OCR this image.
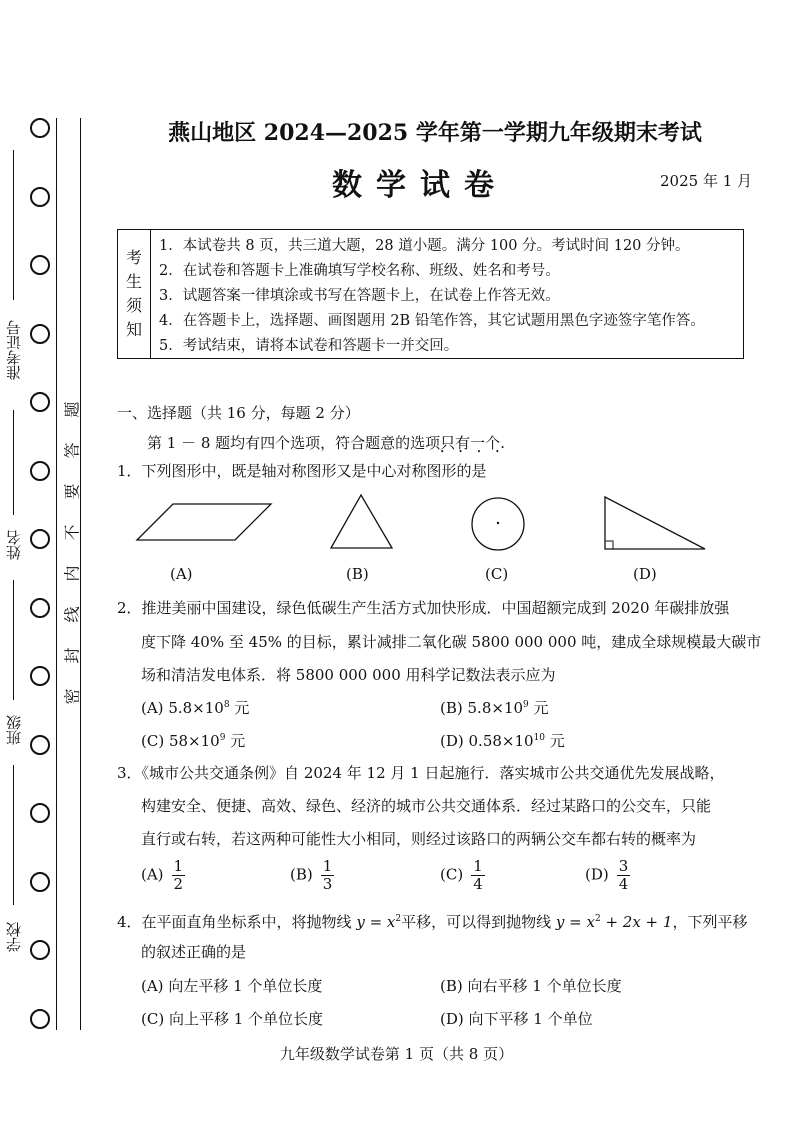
准考证号
姓名
班级
学校
密
封
线
内
不
要
答
题
燕山地区 2024—2025 学年第一学期九年级期末考试
数学试卷	2025 年 1 月
考
生
须
知
1．本试卷共 8 页，共三道大题，28 道小题。满分 100 分。考试时间 120 分钟。
2．在试卷和答题卡上准确填写学校名称、班级、姓名和考号。
3．试题答案一律填涂或书写在答题卡上，在试卷上作答无效。
4．在答题卡上，选择题、画图题用 2B 铅笔作答，其它试题用黑色字迹签字笔作答。
5．考试结束，请将本试卷和答题卡一并交回。
一、选择题（共 16 分，每题 2 分）
第 1 － 8 题均有四个选项，符合题意的选项只有一个 • • • •.
1．下列图形中，既是轴对称图形又是中心对称图形的是
(A)	(B)	(C)	(D)
2．推进美丽中国建设，绿色低碳生产生活方式加快形成．中国超额完成到 2020 年碳排放强
度下降 40% 至 45% 的目标，累计减排二氧化碳 5800 000 000 吨，建成全球规模最大碳市
场和清洁发电体系．将 5800 000 000 用科学记数法表示应为
(A) $5.8\times 10^8$ 元	(B) $5.8\times 10^9$ 元
(C) $58\times 10^9$ 元	(D) $0.58\times 10^{10}$ 元
3．《城市公共交通条例》自 2024 年 12 月 1 日起施行．落实城市公共交通优先发展战略，
构建安全、便捷、高效、绿色、经济的城市公共交通体系．经过某路口的公交车，只能
直行或右转，若这两种可能性大小相同，则经过该路口的两辆公交车都右转的概率为
$(A) \frac{1}{2}$	$(B) \frac{1}{3}$	$(C) \frac{1}{4}$	$(D) \frac{3}{4}$
4．在平面直角坐标系中，将抛物线 $y = x^2$平移，可以得到抛物线 $y = x^2 + 2x + 1$，下列平移
的叙述正确的是
(A) 向左平移 1 个单位长度	(B) 向右平移 1 个单位长度
(C) 向上平移 1 个单位长度	(D) 向下平移 1 个单位
九年级数学试卷第 1 页（共 8 页）
